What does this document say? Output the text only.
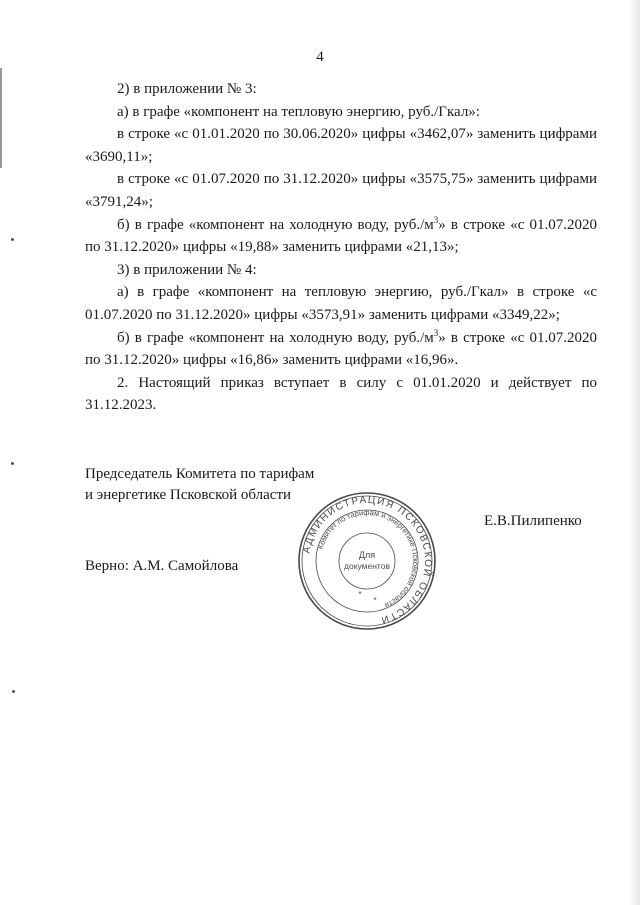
4

2) в приложении № 3:

а) в графе «компонент на тепловую энергию, руб./Гкал»:

в строке «с 01.01.2020 по 30.06.2020» цифры «3462,07» заменить цифрами «3690,11»;

в строке «с 01.07.2020 по 31.12.2020» цифры «3575,75» заменить цифрами «3791,24»;

б) в графе «компонент на холодную воду, $руб./м^3$» в строке «с 01.07.2020 по 31.12.2020» цифры «19,88» заменить цифрами «21,13»;

3) в приложении № 4:

а) в графе «компонент на тепловую энергию, руб./Гкал» в строке «с 01.07.2020 по 31.12.2020» цифры «3573,91» заменить цифрами «3349,22»;

б) в графе «компонент на холодную воду, $руб./м^3$» в строке «с 01.07.2020 по 31.12.2020» цифры «16,86» заменить цифрами «16,96».

2. Настоящий приказ вступает в силу с 01.01.2020 и действует по 31.12.2023.

Председатель Комитета по тарифам
и энергетике Псковской области
Е.В.Пилипенко
Верно: А.М. Самойлова
АДМИНИСТРАЦИЯ ПСКОВСКОЙ ОБЛАСТИ
Комитет по тарифам и энергетике Псковской области
Для
документов
*
*
